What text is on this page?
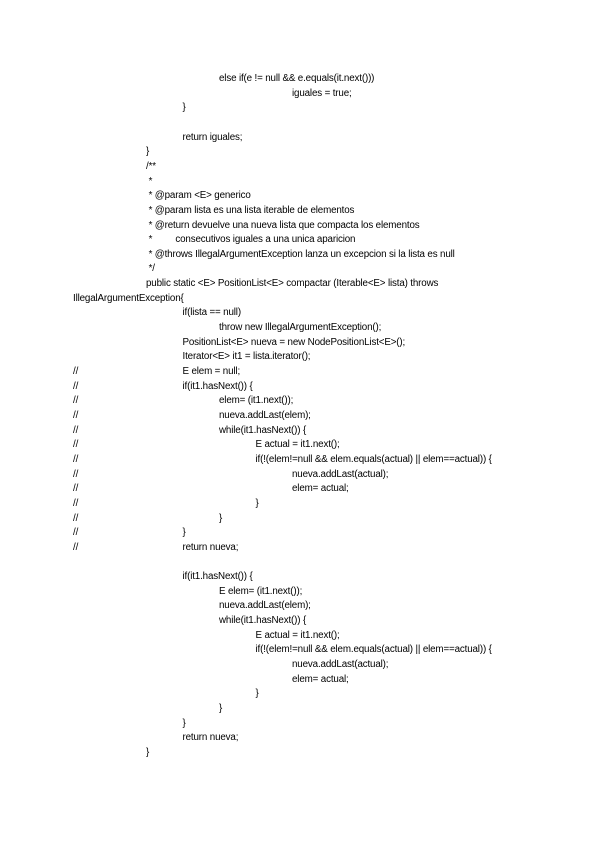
else if(e != null && e.equals(it.next()))
iguales = true;
}
return iguales;
}
/**
*
* @param <E> generico
* @param lista es una lista iterable de elementos
* @return devuelve una nueva lista que compacta los elementos
*         consecutivos iguales a una unica aparicion
* @throws IllegalArgumentException lanza un excepcion si la lista es null
*/
public static <E> PositionList<E> compactar (Iterable<E> lista) throws
IllegalArgumentException{
if(lista == null)
throw new IllegalArgumentException();
PositionList<E> nueva = new NodePositionList<E>();
Iterator<E> it1 = lista.iterator();
//	E elem = null;
//	if(it1.hasNext()) {
//	elem= (it1.next());
//	nueva.addLast(elem);
//	while(it1.hasNext()) {
//	E actual = it1.next();
//	if(!(elem!=null && elem.equals(actual) || elem==actual)) {
//	nueva.addLast(actual);
//	elem= actual;
//	}
//	}
//	}
//	return nueva;
if(it1.hasNext()) {
E elem= (it1.next());
nueva.addLast(elem);
while(it1.hasNext()) {
E actual = it1.next();
if(!(elem!=null && elem.equals(actual) || elem==actual)) {
nueva.addLast(actual);
elem= actual;
}
}
}
return nueva;
}
